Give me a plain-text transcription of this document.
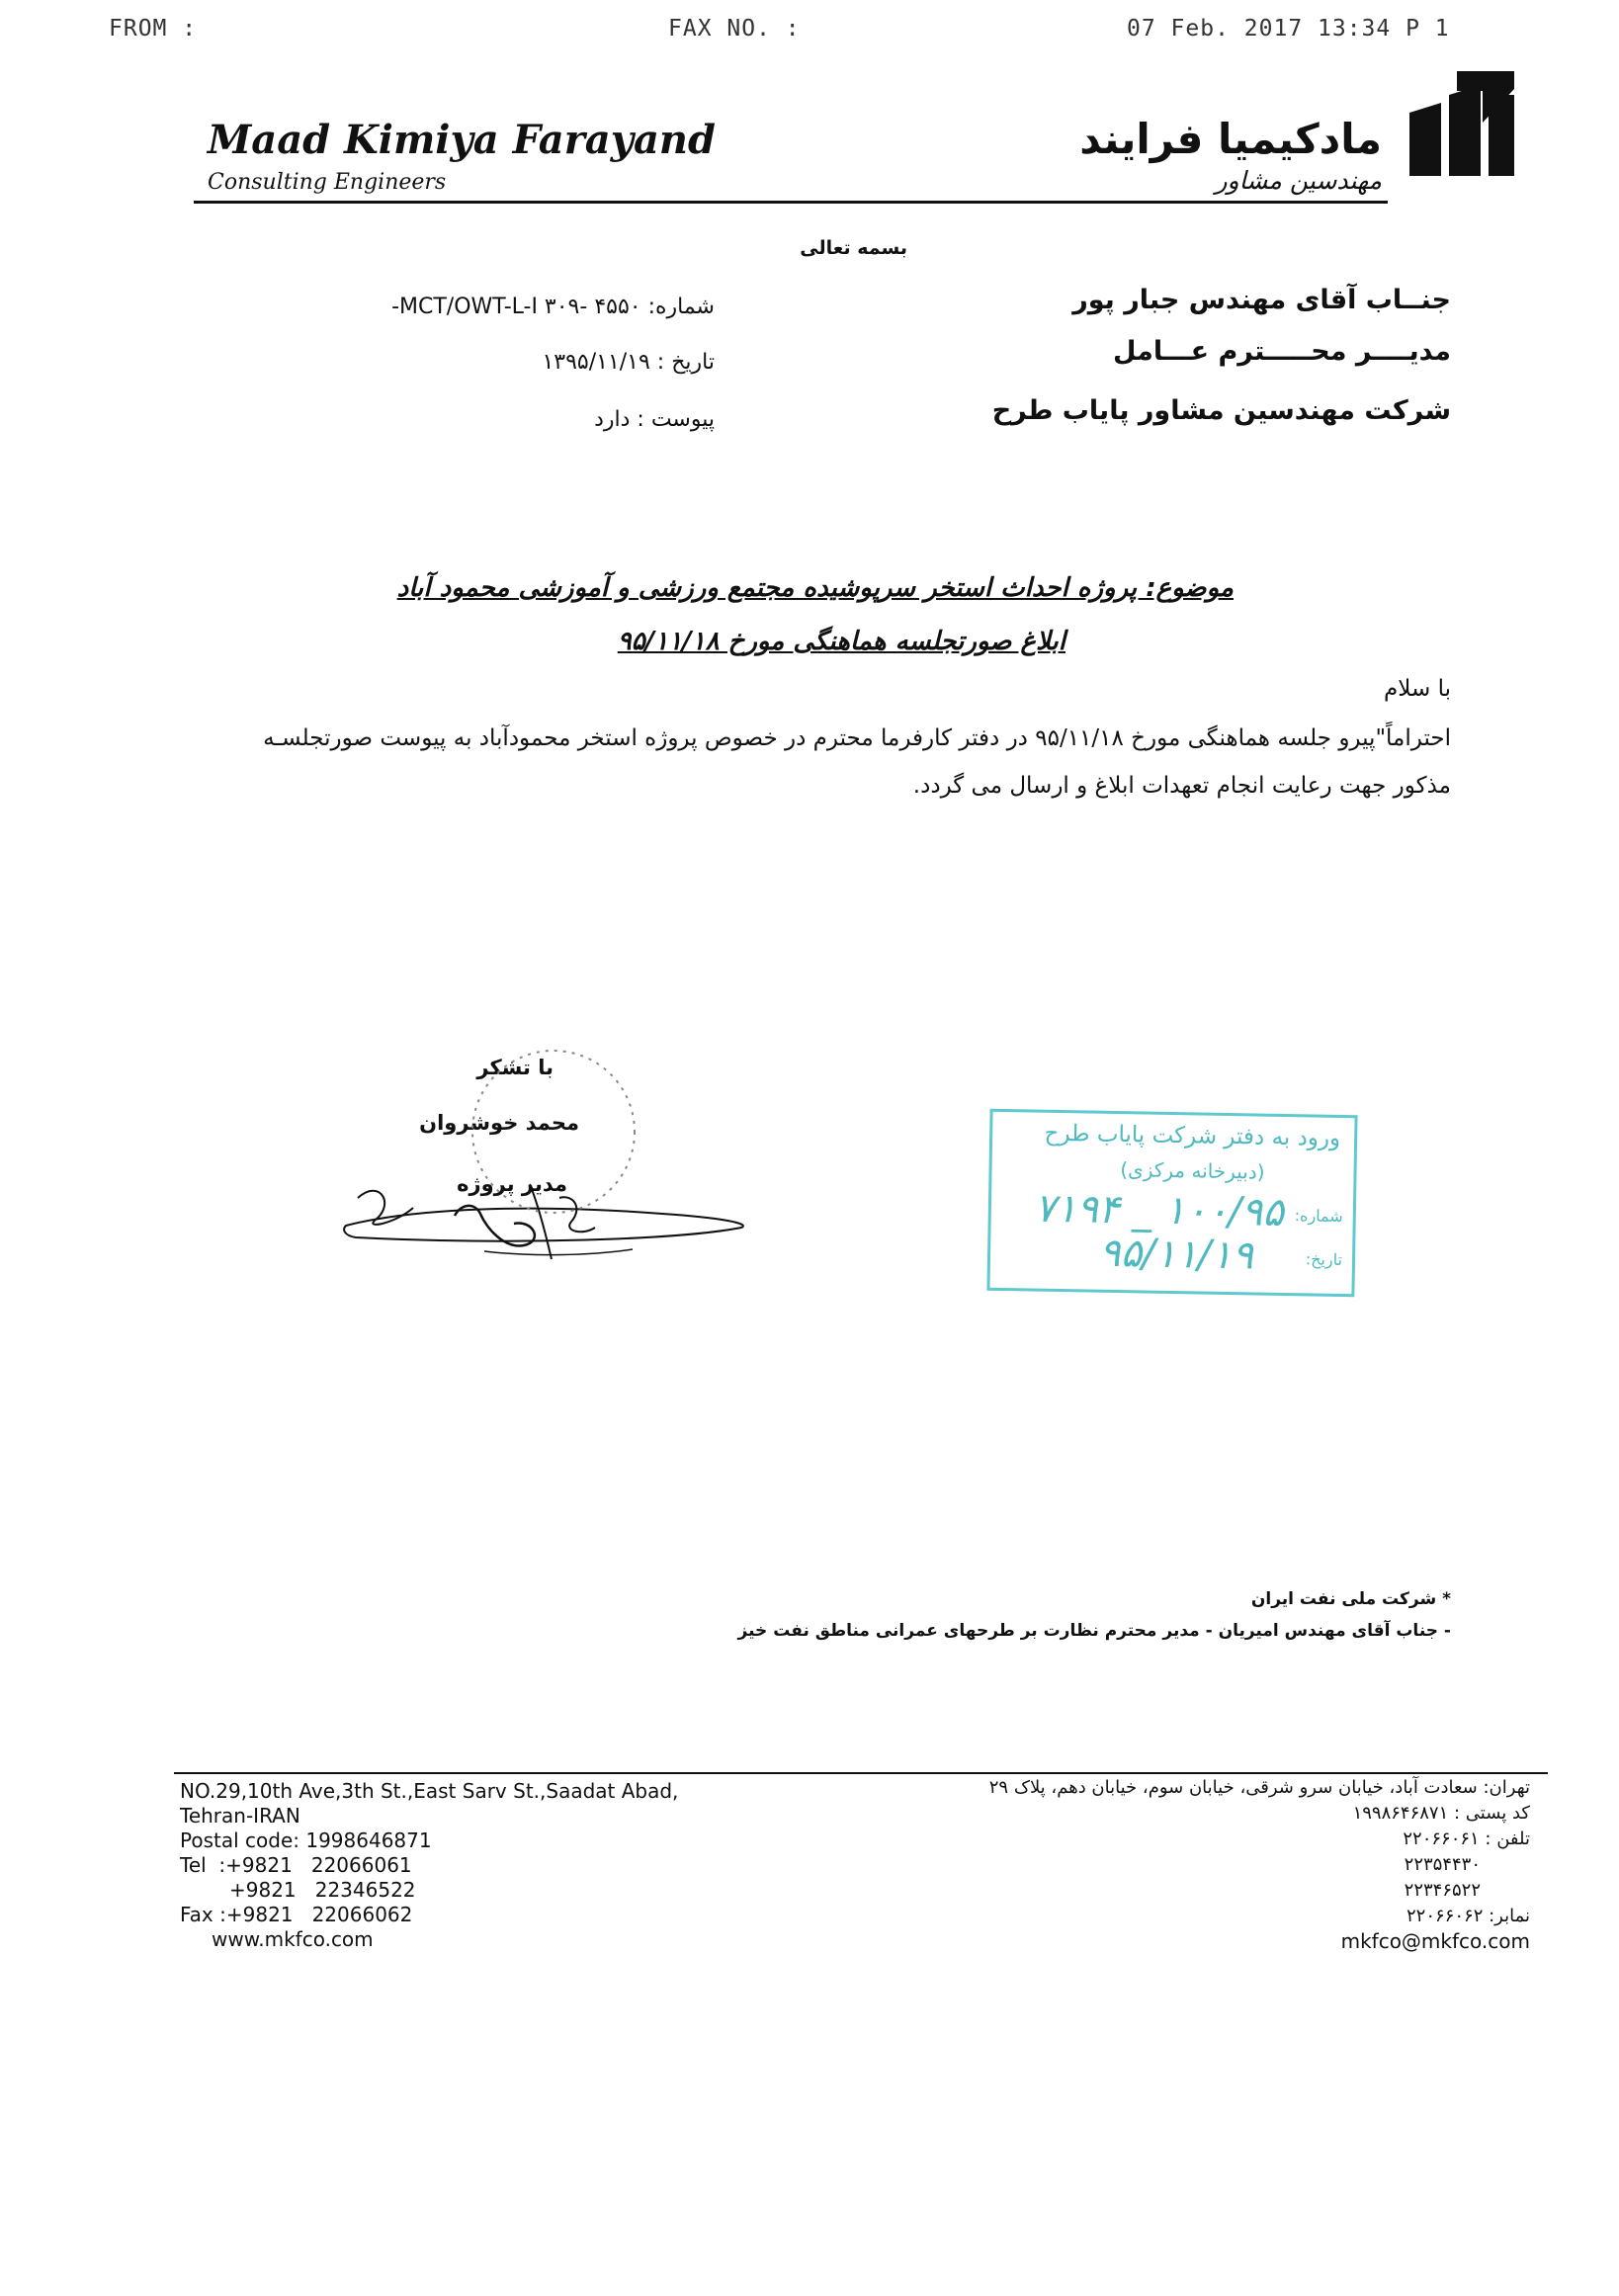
FROM :	FAX NO. :	07 Feb. 2017 13:34 P 1
Maad Kimiya Farayand
Consulting Engineers
مادکیمیا فرایند
مهندسین مشاور
بسمه تعالی
جنــاب آقای مهندس جبار پور
مدیــــر محـــــترم عـــامل
شرکت مهندسین مشاور پایاب طرح
شماره: ۴۵۵۰ -MCT/OWT-L-I ۳۰۹-
تاریخ : ۱۳۹۵/۱۱/۱۹
پیوست : دارد
موضوع: پروژه احداث استخر سرپوشیده مجتمع ورزشی و آموزشی محمود آباد
ابلاغ صورتجلسه هماهنگی مورخ ۹۵/۱۱/۱۸
با سلام
احتراماً"پیرو جلسه هماهنگی مورخ ۹۵/۱۱/۱۸ در دفتر کارفرما محترم در خصوص پروژه استخر محمودآباد به پیوست صورتجلسـه
مذکور جهت رعایت انجام تعهدات ابلاغ و ارسال می گردد.
با تشکر
محمد خوشروان
مدیر پروژه
ورود به دفتر شرکت پایاب طرح
(دبیرخانه مرکزی)
شماره:
۱۰۰/۹۵ _ ۷۱۹۴
تاریخ:
۹۵/۱۱/۱۹
* شرکت ملی نفت ایران
- جناب آقای مهندس امیریان - مدیر محترم نظارت بر طرحهای عمرانی مناطق نفت خیز
NO.29,10th Ave,3th St.,East Sarv St.,Saadat Abad,
Tehran-IRAN
Postal code: 1998646871
Tel  :+9821   22066061
+9821   22346522
Fax :+9821   22066062
www.mkfco.com
تهران: سعادت آباد، خیابان سرو شرقی، خیابان سوم، خیابان دهم، پلاک ۲۹
کد پستی : ۱۹۹۸۶۴۶۸۷۱
تلفن : ۲۲۰۶۶۰۶۱
۲۲۳۵۴۴۳۰
۲۲۳۴۶۵۲۲
نمابر: ۲۲۰۶۶۰۶۲
mkfco@mkfco.com
